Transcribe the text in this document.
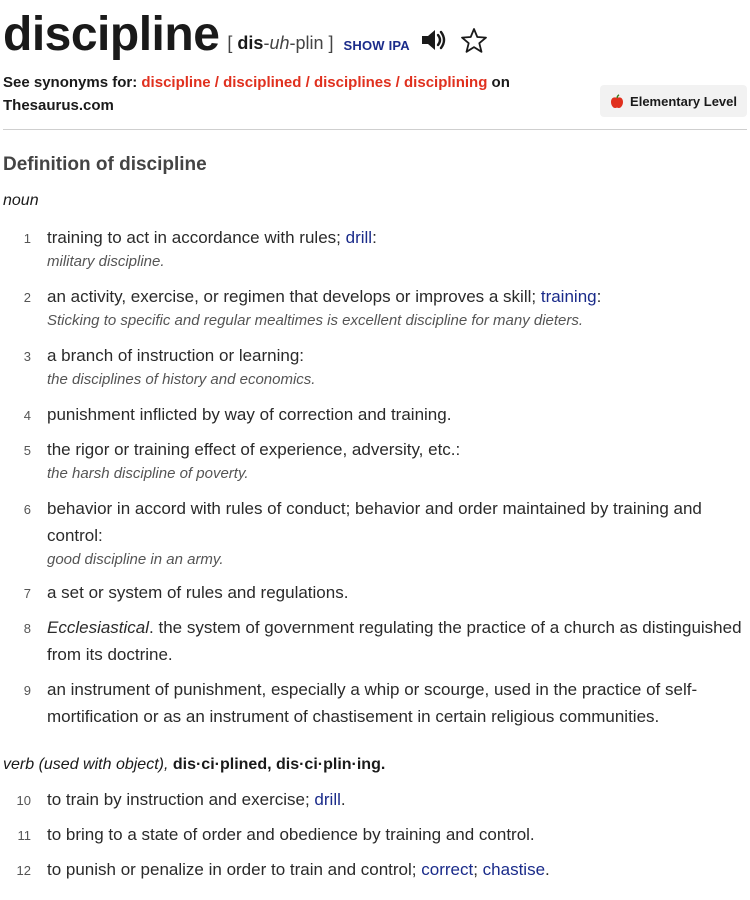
discipline [ dis-uh-plin ] SHOW IPA
See synonyms for: discipline / disciplined / disciplines / disciplining on Thesaurus.com	Elementary Level
Definition of discipline
noun
1 training to act in accordance with rules; drill:
military discipline.
2 an activity, exercise, or regimen that develops or improves a skill; training:
Sticking to specific and regular mealtimes is excellent discipline for many dieters.
3 a branch of instruction or learning:
the disciplines of history and economics.
4 punishment inflicted by way of correction and training.
5 the rigor or training effect of experience, adversity, etc.:
the harsh discipline of poverty.
6 behavior in accord with rules of conduct; behavior and order maintained by training and control:
good discipline in an army.
7 a set or system of rules and regulations.
8 Ecclesiastical. the system of government regulating the practice of a church as distinguished from its doctrine.
9 an instrument of punishment, especially a whip or scourge, used in the practice of self-mortification or as an instrument of chastisement in certain religious communities.
verb (used with object), dis·ci·plined, dis·ci·plin·ing.
10 to train by instruction and exercise; drill.
11 to bring to a state of order and obedience by training and control.
12 to punish or penalize in order to train and control; correct; chastise.
